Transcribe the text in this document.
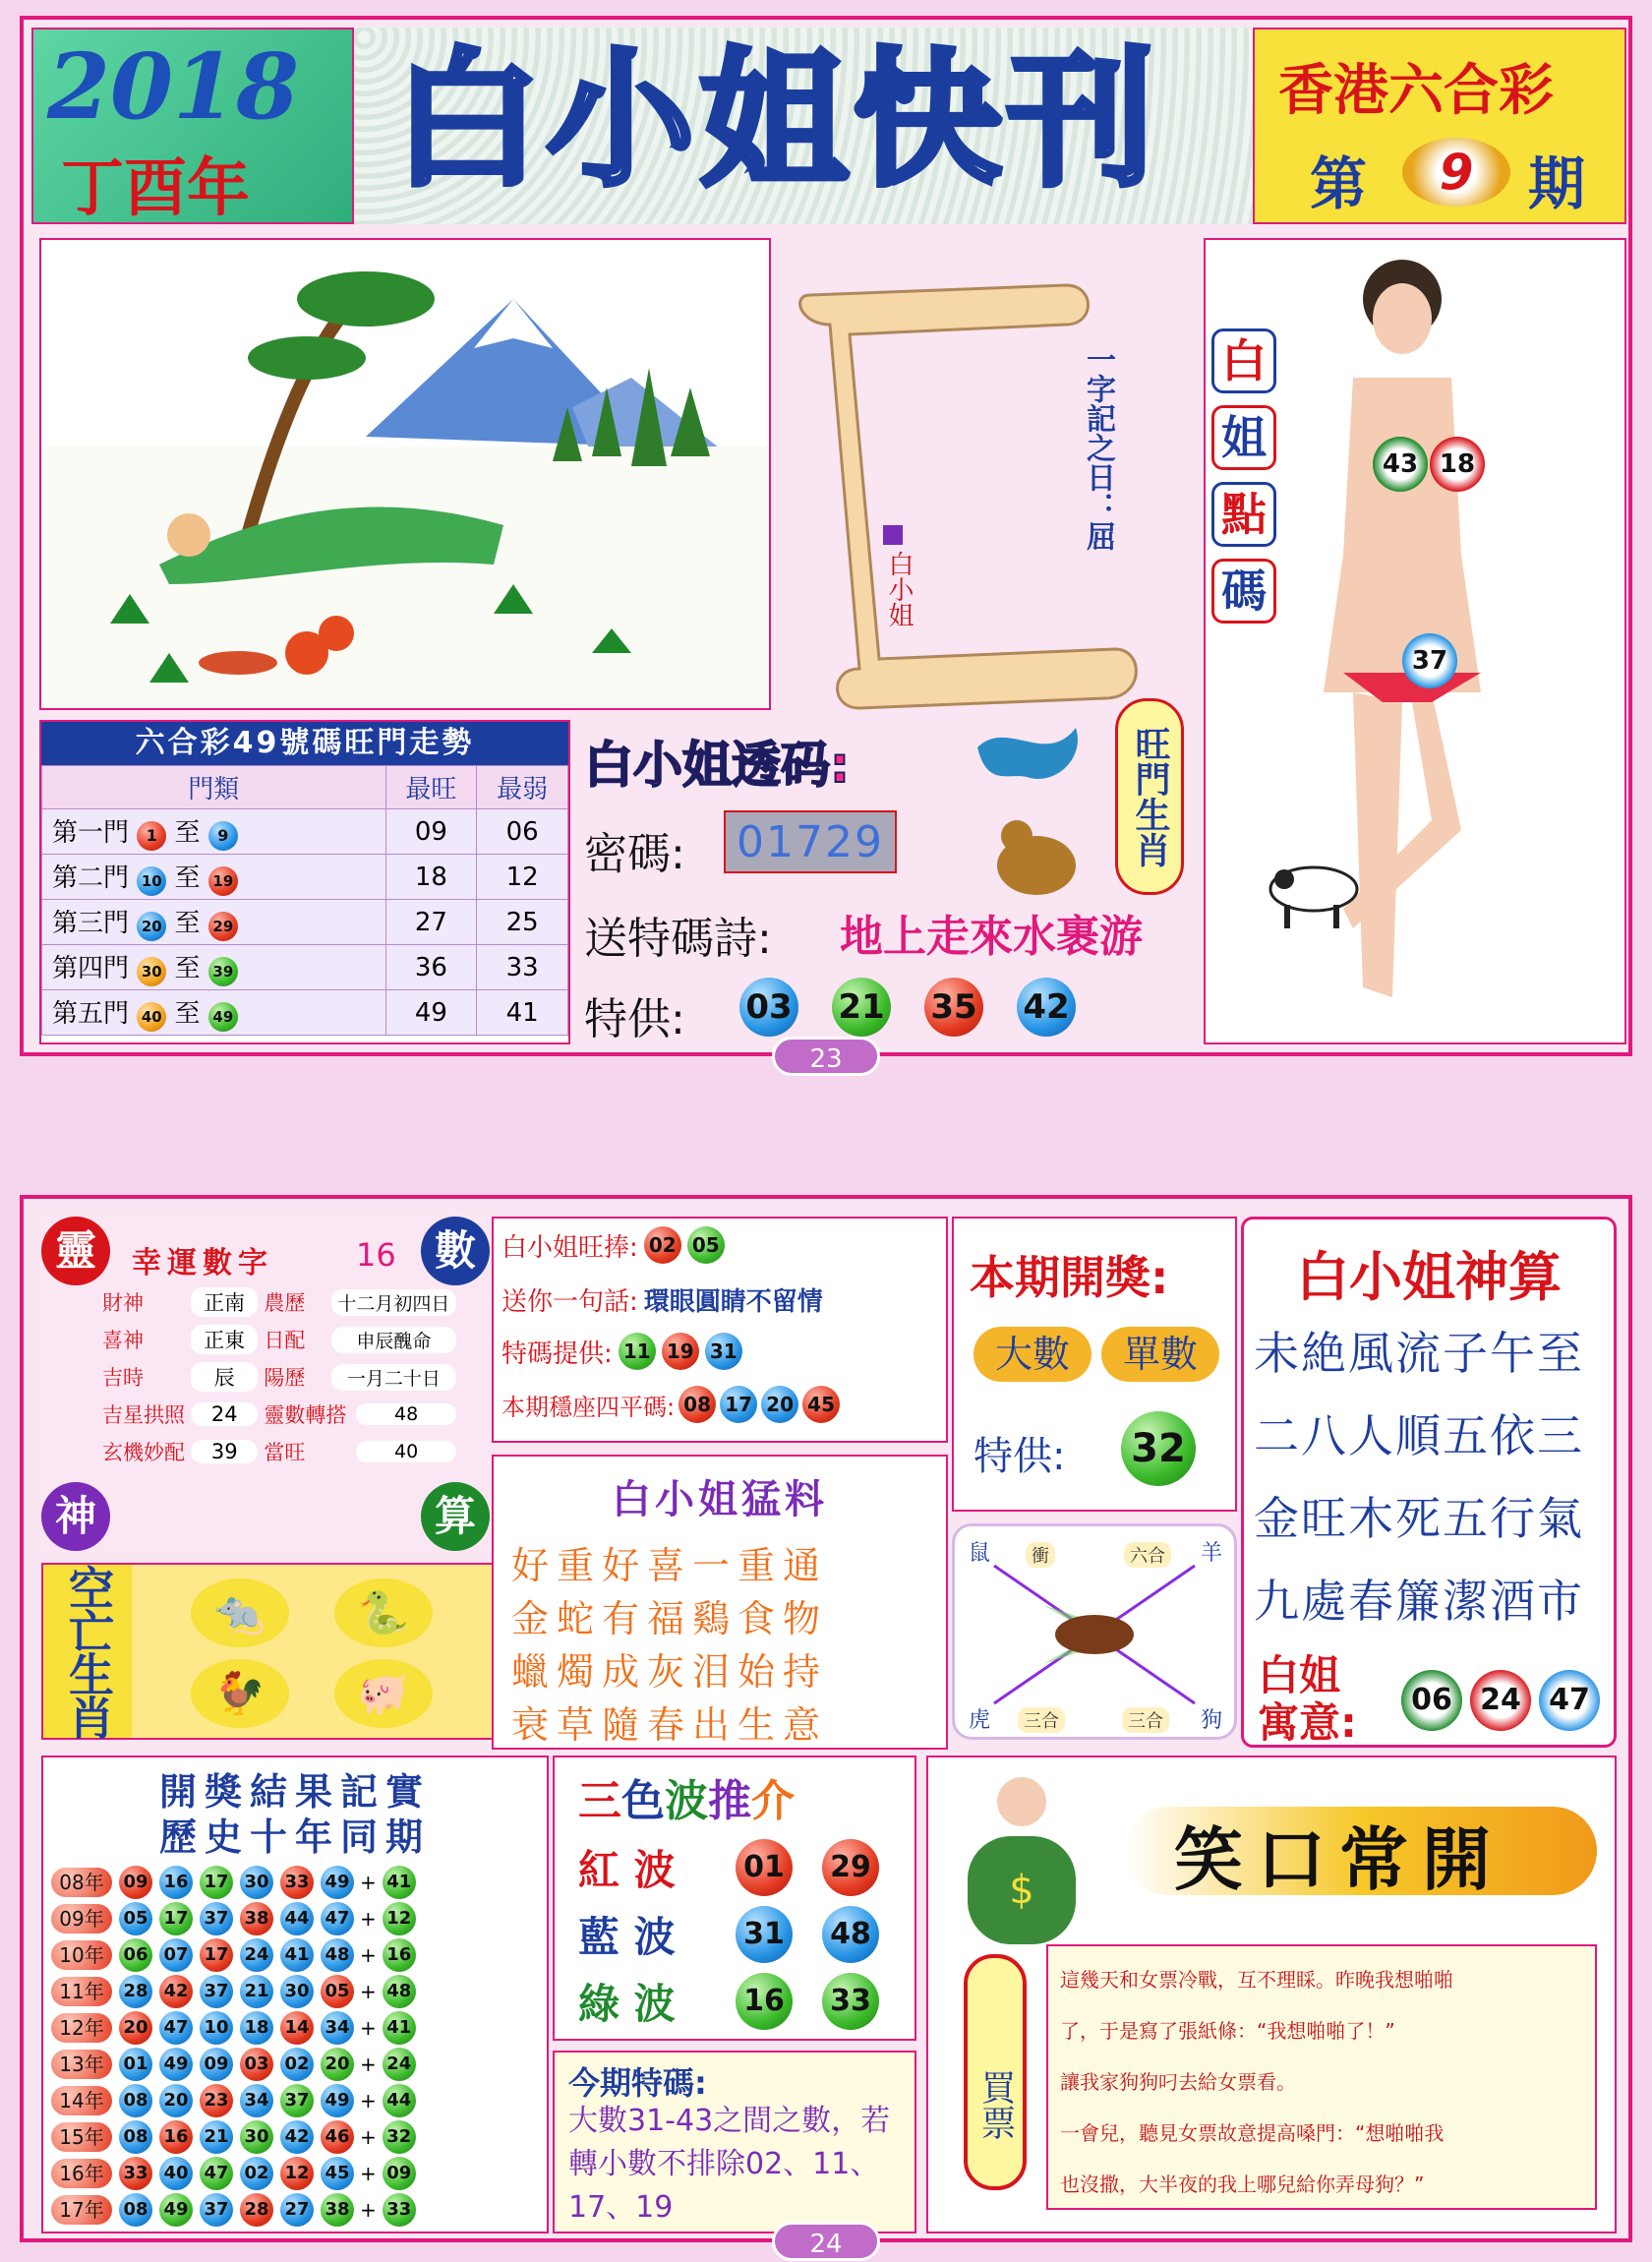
2018
丁酉年 白小姐快刊 香港六合彩
第	9 期
一字記之日：屈
白小姐
白
姐
點
碼
43 18
37
旺門生肖
六合彩49號碼旺門走勢
門類	最旺	最弱
第一門 1 至 9	09	06
第二門 10 至 19	18	12
第三門 20 至 29	27	25
第四門 30 至 39	36	33
第五門 40 至 49	49	41
白小姐透码:
密碼: 01729
送特碼詩: 地上走來水裹游
特供: 03 21 35 42
23
靈	數
神	算
幸運數字	16
財神	正南 農歷	十二月初四日
喜神	正東 日配	申辰醜命
吉時	辰	陽歷	一月二十日
吉星拱照	24	靈數轉搭	48
玄機妙配	39	當旺	40
空亡生肖	🐀	🐍
🐓	🐖
白小姐旺捧: 02 05
送你一句話: 環眼圓睛不留情
特碼提供: 11 19 31
本期穩座四平碼: 08 17 20 45
本期開獎:
大數	單數
特供: 32
白小姐神算
未絶風流子午至
二八人順五依三
金旺木死五行氣
九處春簾潔酒市
白姐寓意:	06 24 47
白小姐猛料
好重好喜一重通
金蛇有福鷄食物
蠟燭成灰泪始持
衰草隨春出生意
鼠	衝	六合 羊
虎	三合	三合 狗
開獎結果記實
歷史十年同期
08年	09 16 17 30 33 49 + 41
09年	05 17 37 38 44 47 + 12
10年	06 07 17 24 41 48 + 16
11年	28 42 37 21 30 05 + 48
12年	20 47 10 18 14 34 + 41
13年	01 49 09 03 02 20 + 24
14年	08 20 23 34 37 49 + 44
15年	08 16 21 30 42 46 + 32
16年	33 40 47 02 12 45 + 09
17年	08 49 37 28 27 38 + 33
三色波推介
紅 波	01 29
藍 波	31 48
綠 波	16 33
今期特碼:
大數31-43之間之數，若轉小數不排除02、11、17、19
笑口常開
$
買票
這幾天和女票冷戰，互不理睬。昨晚我想啪啪
了，于是寫了張紙條：“我想啪啪了！”
讓我家狗狗叼去給女票看。
一會兒，聽見女票故意提高嗓門：“想啪啪我
也沒撒，大半夜的我上哪兒給你弄母狗？”
24
